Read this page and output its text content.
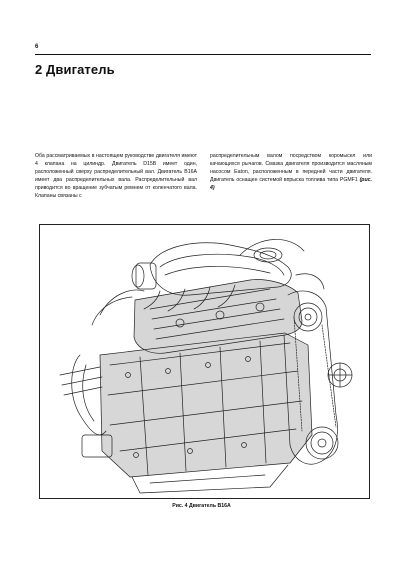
6
2 Двигатель

Оба рассматриваемых в настоящем руководстве двигателя имеют 4 клапана на цилиндр. Двигатель D15B имеет один, расположенный сверху распределительный вал. Двигатель B16A имеет два распределительных вала. Распределительный вал приводится во вращение зубчатым ремнем от коленчатого вала. Клапаны связаны с

распределительным валом посредством коромысел или качающихся рычагов. Смазка двигателя производится масляным насосом Eaton, расположенным в передней части двигателя. Двигатель оснащен системой впрыска топлива типа PGMF1 (рис. 4)

Рис. 4 Двигатель B16A
